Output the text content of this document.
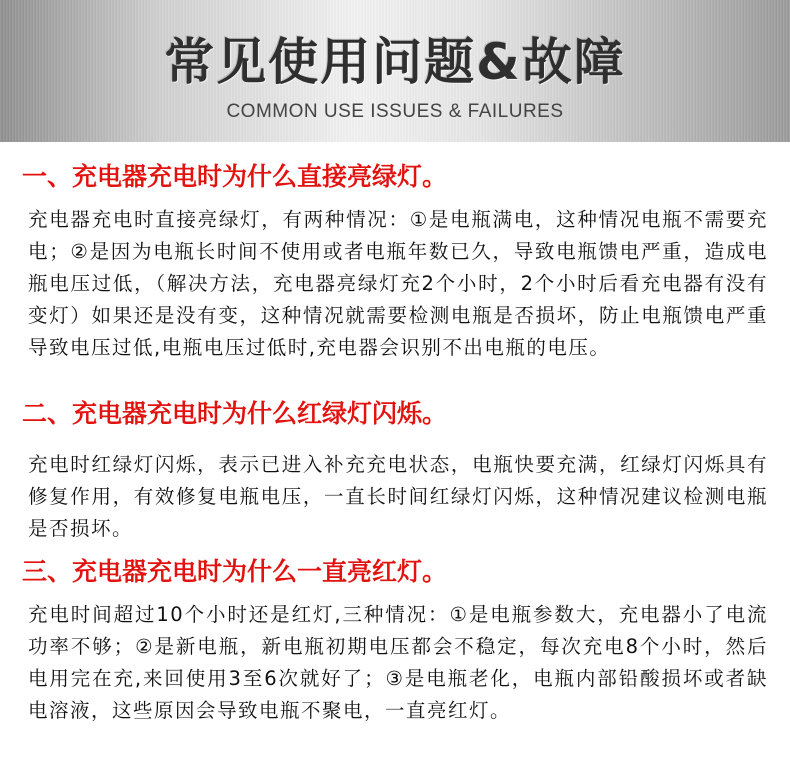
常见使用问题&故障
COMMON USE ISSUES & FAILURES
一、充电器充电时为什么直接亮绿灯。
充电器充电时直接亮绿灯，有两种情况：①是电瓶满电，这种情况电瓶不需要充电；②是因为电瓶长时间不使用或者电瓶年数已久，导致电瓶馈电严重，造成电瓶电压过低，（解决方法，充电器亮绿灯充2个小时，2个小时后看充电器有没有变灯）如果还是没有变，这种情况就需要检测电瓶是否损坏，防止电瓶馈电严重导致电压过低,电瓶电压过低时,充电器会识别不出电瓶的电压。
二、充电器充电时为什么红绿灯闪烁。
充电时红绿灯闪烁，表示已进入补充充电状态，电瓶快要充满，红绿灯闪烁具有修复作用，有效修复电瓶电压，一直长时间红绿灯闪烁，这种情况建议检测电瓶是否损坏。
三、充电器充电时为什么一直亮红灯。
充电时间超过10个小时还是红灯,三种情况：①是电瓶参数大，充电器小了电流功率不够；②是新电瓶，新电瓶初期电压都会不稳定，每次充电8个小时，然后电用完在充,来回使用3至6次就好了；③是电瓶老化，电瓶内部铅酸损坏或者缺电溶液，这些原因会导致电瓶不聚电，一直亮红灯。
